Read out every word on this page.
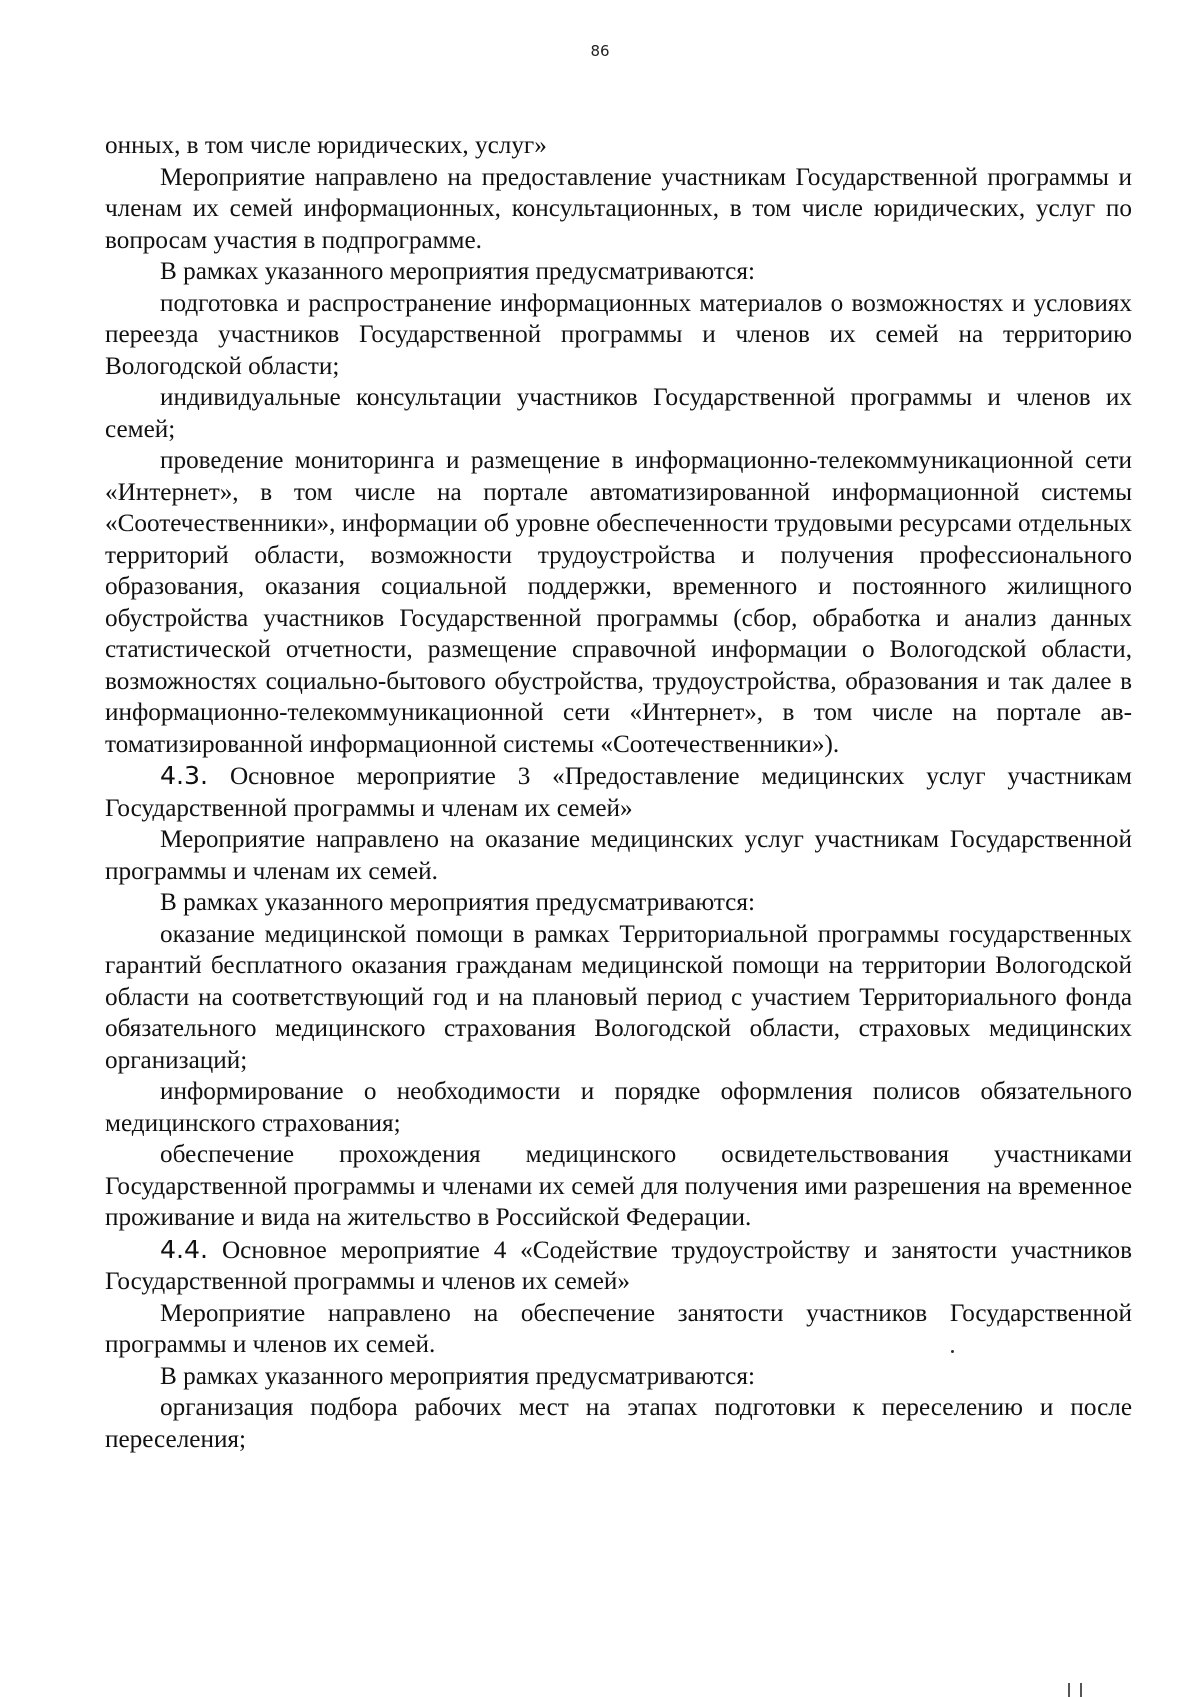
86

онных, в том числе юридических, услуг»

Мероприятие направлено на предоставление участникам Государственной программы и членам их семей информационных, консультационных, в том числе юридических, услуг по вопросам участия в подпрограмме.

В рамках указанного мероприятия предусматриваются:

подготовка и распространение информационных материалов о возможностях и условиях переезда участников Государственной программы и членов их семей на территорию Вологодской области;

индивидуальные консультации участников Государственной программы и членов их семей;

проведение мониторинга и размещение в информационно-телекоммуникационной сети «Интернет», в том числе на портале автоматизированной информационной системы «Соотечественники», информации об уровне обеспеченности трудовыми ресурсами отдельных территорий области, возможности трудоустройства и получения профессионального образования, оказания социальной поддержки, временного и постоянного жилищного обустройства участников Государственной программы (сбор, обработка и анализ данных статистической отчетности, размещение справочной информации о Вологодской области, возможностях социально-бытового обустройства, трудоустройства, образования и так далее в информационно-телекоммуникационной сети «Интернет», в том числе на портале автоматизированной информационной системы «Соотечественники»).

4.3. Основное мероприятие 3 «Предоставление медицинских услуг участникам Государственной программы и членам их семей»

Мероприятие направлено на оказание медицинских услуг участникам Государственной программы и членам их семей.

В рамках указанного мероприятия предусматриваются:

оказание медицинской помощи в рамках Территориальной программы государственных гарантий бесплатного оказания гражданам медицинской помощи на территории Вологодской области на соответствующий год и на плановый период с участием Территориального фонда обязательного медицинского страхования Вологодской области, страховых медицинских организаций;

информирование о необходимости и порядке оформления полисов обязательного медицинского страхования;

обеспечение прохождения медицинского освидетельствования участниками Государственной программы и членами их семей для получения ими разрешения на временное проживание и вида на жительство в Российской Федерации.

4.4. Основное мероприятие 4 «Содействие трудоустройству и занятости участников Государственной программы и членов их семей»

Мероприятие направлено на обеспечение занятости участников Государственной программы и членов их семей.

В рамках указанного мероприятия предусматриваются:

организация подбора рабочих мест на этапах подготовки к переселению и после переселения;
